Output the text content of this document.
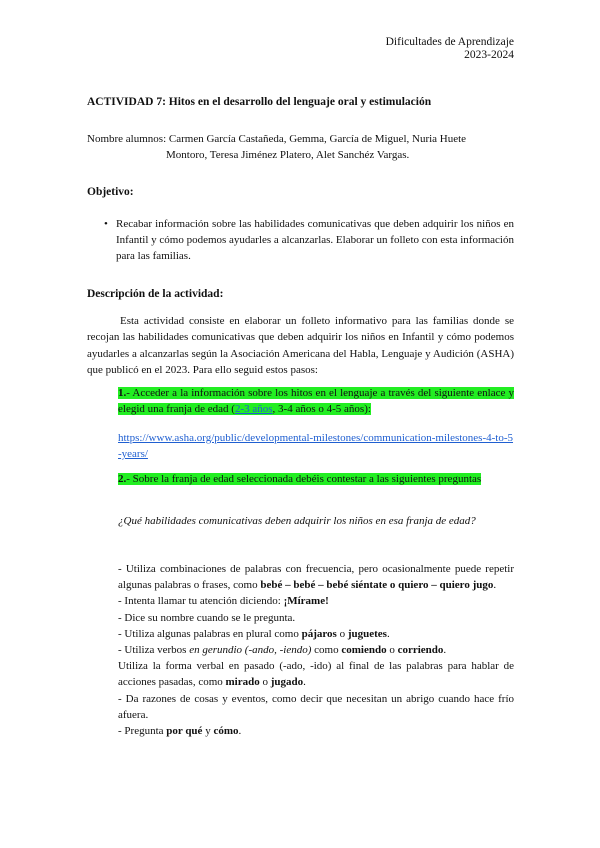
Dificultades de Aprendizaje
2023-2024
ACTIVIDAD 7: Hitos en el desarrollo del lenguaje oral y estimulación
Nombre alumnos: Carmen García Castañeda, Gemma, García de Miguel, Nuria Huete
Montoro, Teresa Jiménez Platero, Alet Sanchéz Vargas.
Objetivo:
• Recabar información sobre las habilidades comunicativas que deben adquirir los niños en Infantil y cómo podemos ayudarles a alcanzarlas. Elaborar un folleto con esta información para las familias.
Descripción de la actividad:
Esta actividad consiste en elaborar un folleto informativo para las familias donde se recojan las habilidades comunicativas que deben adquirir los niños en Infantil y cómo podemos ayudarles a alcanzarlas según la Asociación Americana del Habla, Lenguaje y Audición (ASHA) que publicó en el 2023. Para ello seguid estos pasos:
1.- Acceder a la información sobre los hitos en el lenguaje a través del siguiente enlace y elegid una franja de edad (2-3 años, 3-4 años o 4-5 años):
https://www.asha.org/public/developmental-milestones/communication-milestones-4-to-5-years/
2.- Sobre la franja de edad seleccionada debéis contestar a las siguientes preguntas
¿Qué habilidades comunicativas deben adquirir los niños en esa franja de edad?
- Utiliza combinaciones de palabras con frecuencia, pero ocasionalmente puede repetir algunas palabras o frases, como bebé – bebé – bebé siéntate o quiero – quiero jugo.
- Intenta llamar tu atención diciendo: ¡Mírame!
- Dice su nombre cuando se le pregunta.
- Utiliza algunas palabras en plural como pájaros o juguetes.
- Utiliza verbos en gerundio (-ando, -iendo) como comiendo o corriendo.
Utiliza la forma verbal en pasado (-ado, -ido) al final de las palabras para hablar de acciones pasadas, como mirado o jugado.
- Da razones de cosas y eventos, como decir que necesitan un abrigo cuando hace frío afuera.
- Pregunta por qué y cómo.
